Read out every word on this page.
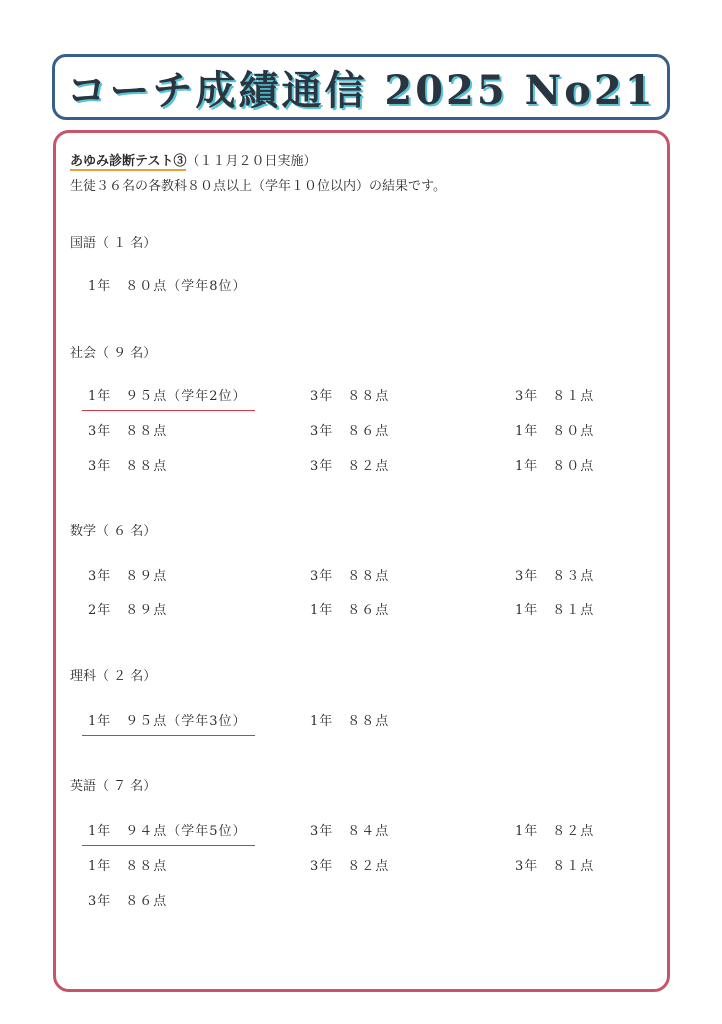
コーチ成績通信 2025 No21
あゆみ診断テスト③（１１月２０日実施）
生徒３６名の各教科８０点以上（学年１０位以内）の結果です。
国語（ １ 名）
1年　８０点（学年8位）
社会（ ９ 名）
1年　９５点（学年2位）	3年　８８点	3年　８１点
3年　８８点	3年　８６点	1年　８０点
3年　８８点	3年　８２点	1年　８０点
数学（ ６ 名）
3年　８９点	3年　８８点	3年　８３点
2年　８９点	1年　８６点	1年　８１点
理科（ ２ 名）
1年　９５点（学年3位）	1年　８８点
英語（ ７ 名）
1年　９４点（学年5位）	3年　８４点	1年　８２点
1年　８８点	3年　８２点	3年　８１点
3年　８６点
